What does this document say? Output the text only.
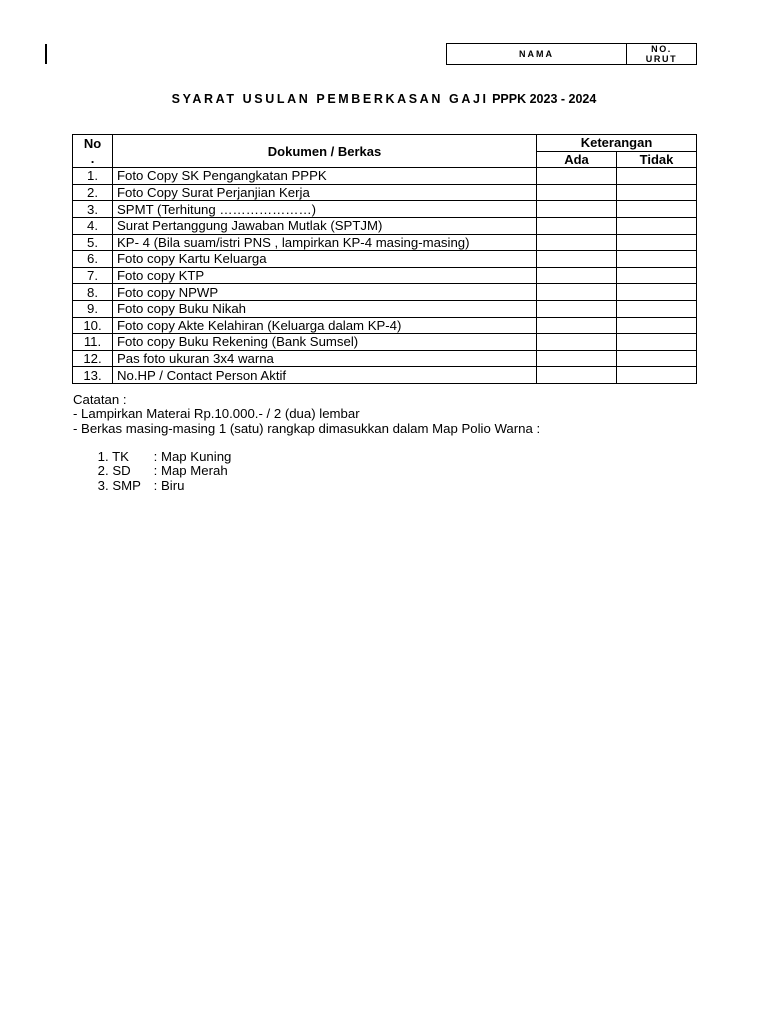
NAMA	NO.
URUT
SYARAT USULAN PEMBERKASAN GAJI PPPK 2023 - 2024
No
.	Dokumen / Berkas	Keterangan	
		Ada	Tidak
1.	Foto Copy SK Pengangkatan PPPK		
2.	Foto Copy Surat Perjanjian Kerja		
3.	SPMT (Terhitung …………………)		
4.	Surat Pertanggung Jawaban Mutlak (SPTJM)		
5.	KP- 4 (Bila suam/istri PNS , lampirkan KP-4 masing-masing)		
6.	Foto copy Kartu Keluarga		
7.	Foto copy KTP		
8.	Foto copy NPWP		
9.	Foto copy Buku Nikah		
10.	Foto copy Akte Kelahiran (Keluarga dalam KP-4)		
11.	Foto copy Buku Rekening (Bank Sumsel)		
12.	Pas foto ukuran 3x4 warna		
13.	No.HP / Contact Person Aktif		
Catatan :
- Lampirkan Materai Rp.10.000.- / 2 (dua) lembar
- Berkas masing-masing 1 (satu) rangkap dimasukkan dalam Map Polio Warna :

1. TK : Map Kuning

2. SD : Map Merah

3. SMP : Biru
